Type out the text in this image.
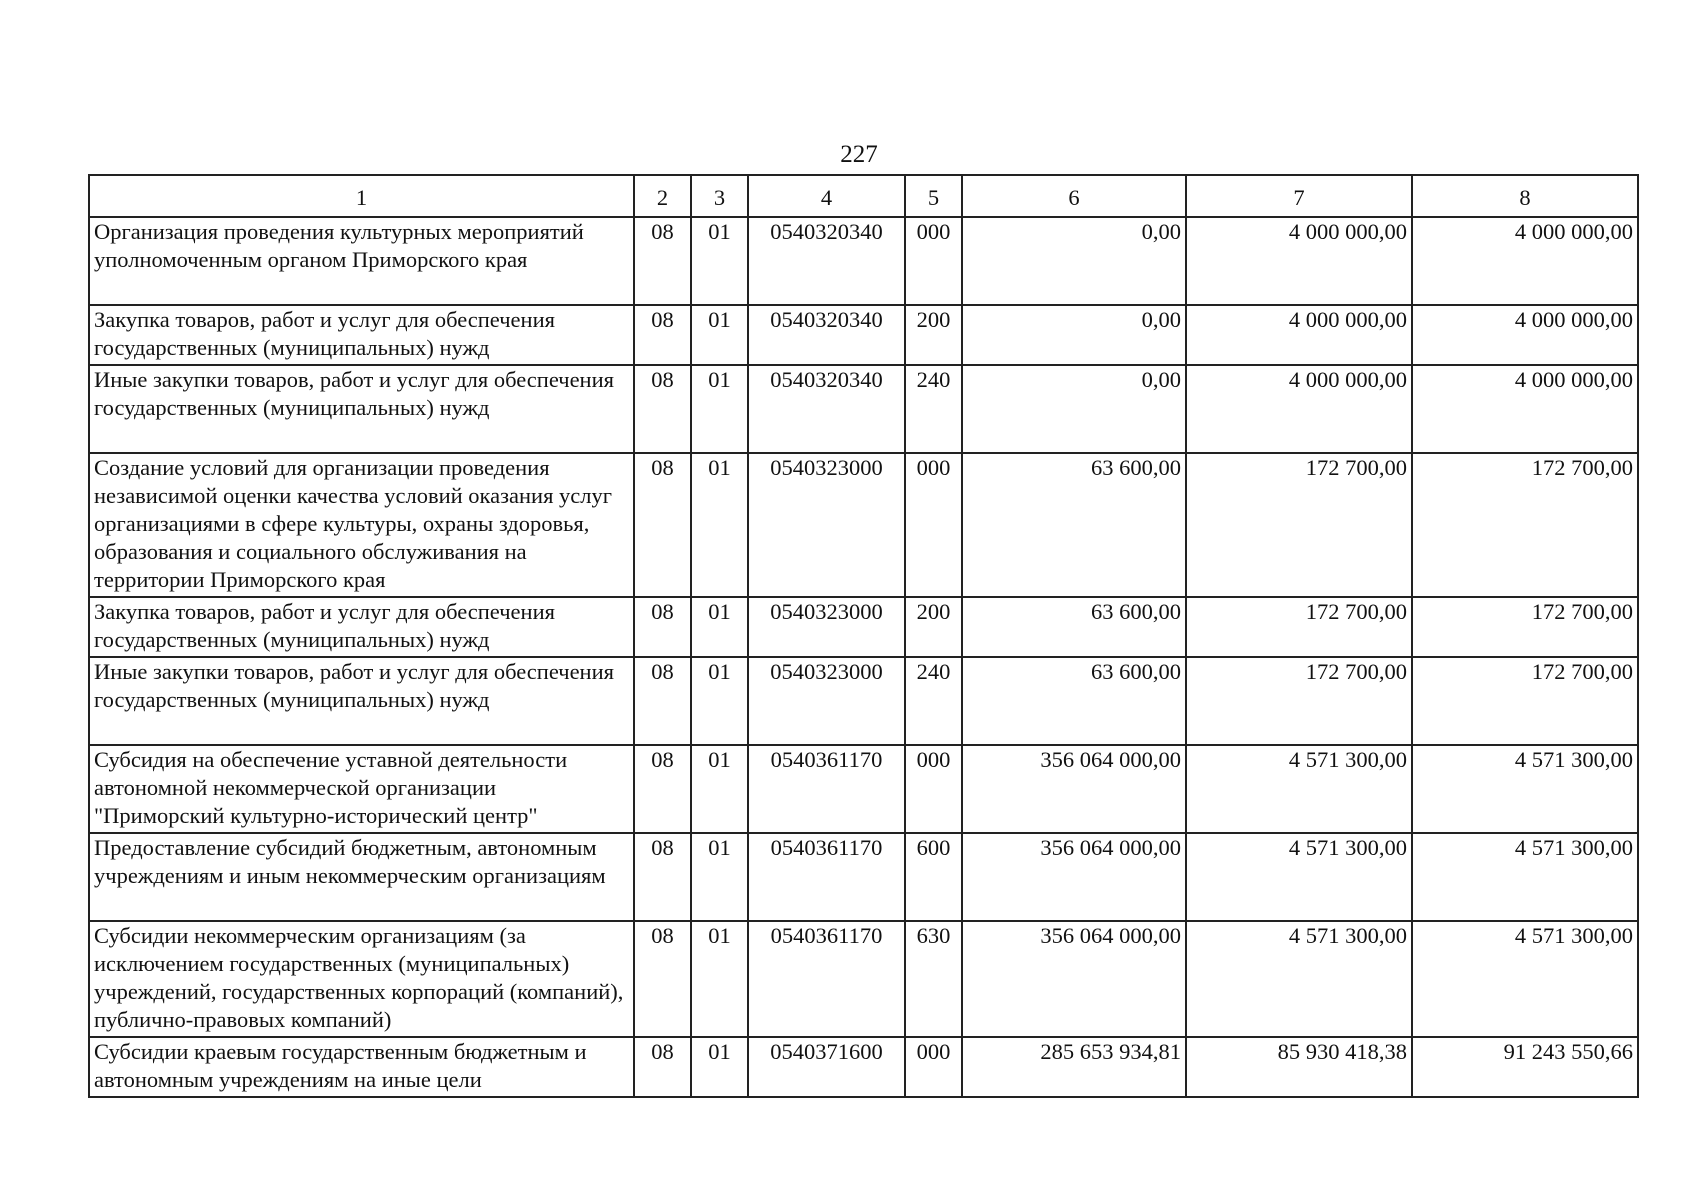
227
1	2	3	4	5	6	7	8
Организация проведения культурных мероприятий уполномоченным органом Приморского края	08	01	0540320340	000	0,00	4 000 000,00	4 000 000,00
Закупка товаров, работ и услуг для обеспечения государственных (муниципальных) нужд	08	01	0540320340	200	0,00	4 000 000,00	4 000 000,00
Иные закупки товаров, работ и услуг для обеспечения государственных (муниципальных) нужд	08	01	0540320340	240	0,00	4 000 000,00	4 000 000,00
Создание условий для организации проведения независимой оценки качества условий оказания услуг организациями в сфере культуры, охраны здоровья, образования и социального обслуживания на территории Приморского края	08	01	0540323000	000	63 600,00	172 700,00	172 700,00
Закупка товаров, работ и услуг для обеспечения государственных (муниципальных) нужд	08	01	0540323000	200	63 600,00	172 700,00	172 700,00
Иные закупки товаров, работ и услуг для обеспечения государственных (муниципальных) нужд	08	01	0540323000	240	63 600,00	172 700,00	172 700,00
Субсидия на обеспечение уставной деятельности автономной некоммерческой организации "Приморский культурно-исторический центр"	08	01	0540361170	000	356 064 000,00	4 571 300,00	4 571 300,00
Предоставление субсидий бюджетным, автономным учреждениям и иным некоммерческим организациям	08	01	0540361170	600	356 064 000,00	4 571 300,00	4 571 300,00
Субсидии некоммерческим организациям (за исключением государственных (муниципальных) учреждений, государственных корпораций (компаний), публично-правовых компаний)	08	01	0540361170	630	356 064 000,00	4 571 300,00	4 571 300,00
Субсидии краевым государственным бюджетным и автономным учреждениям на иные цели	08	01	0540371600	000	285 653 934,81	85 930 418,38	91 243 550,66
